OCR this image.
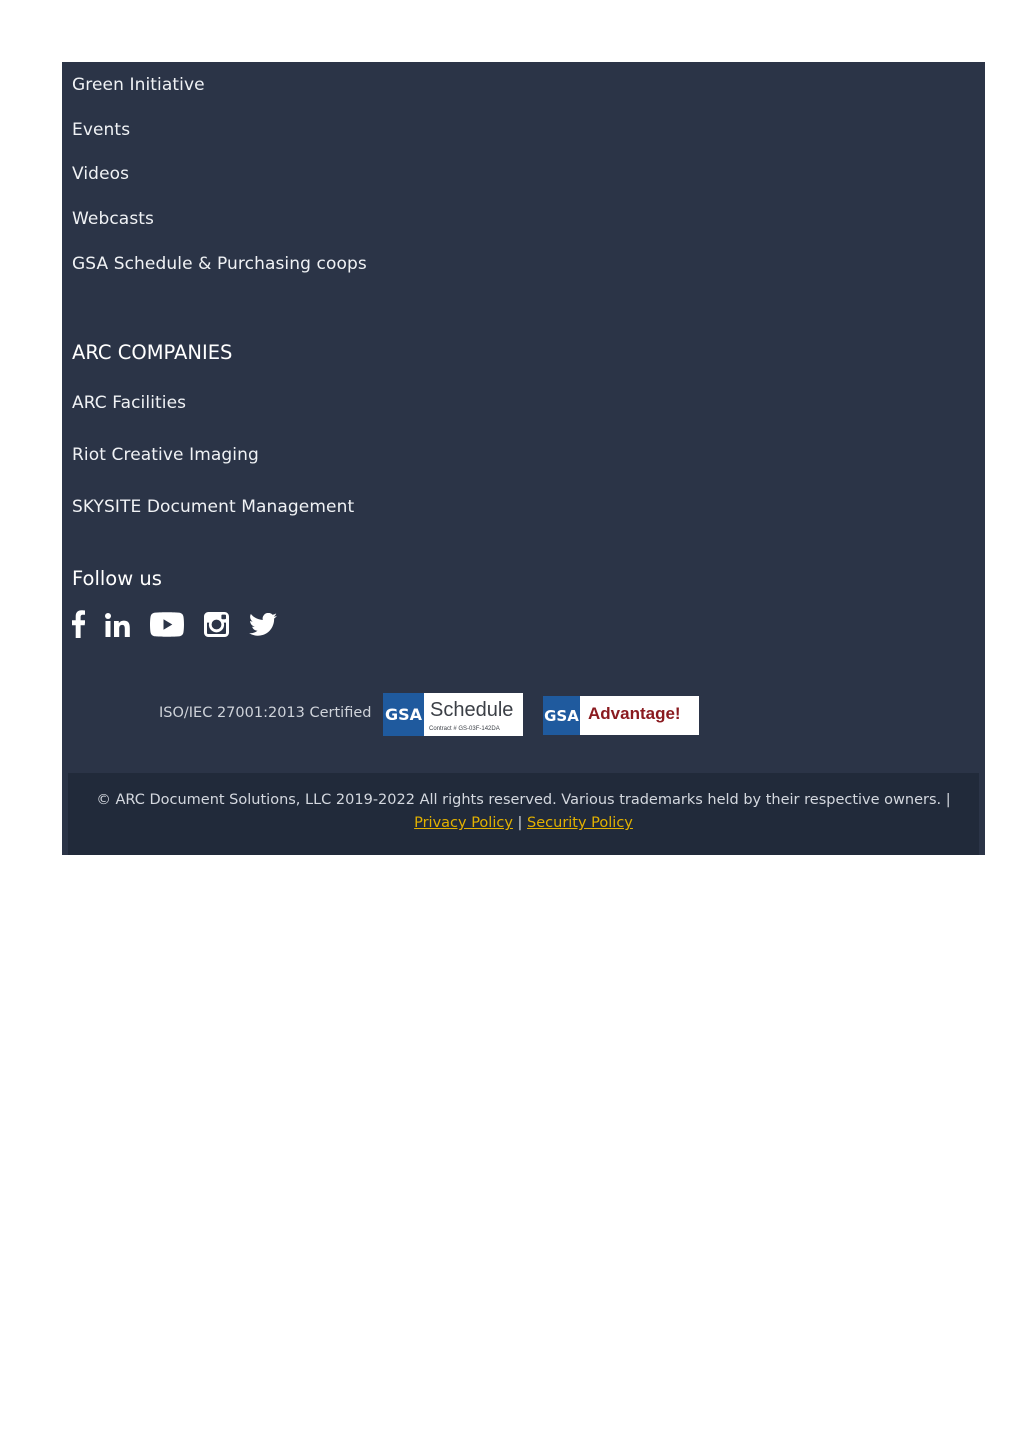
Green Initiative
Events
Videos
Webcasts
GSA Schedule & Purchasing coops
ARC COMPANIES
ARC Facilities
Riot Creative Imaging
SKYSITE Document Management
Follow us
ISO/IEC 27001:2013 Certified GSA Schedule
Contract # GS-03F-142DA
GSA Advantage!
© ARC Document Solutions, LLC 2019-2022 All rights reserved. Various trademarks held by their respective owners. |
Privacy Policy | Security Policy
